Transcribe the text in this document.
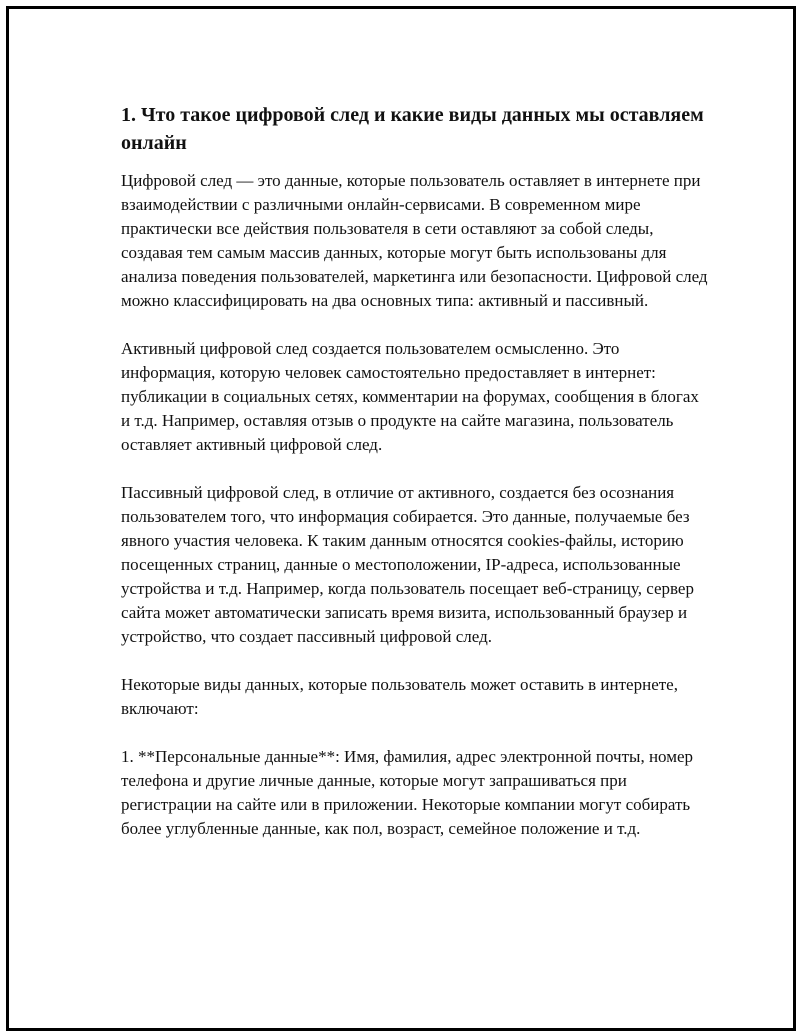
1. Что такое цифровой след и какие виды данных мы оставляем онлайн

Цифровой след — это данные, которые пользователь оставляет в интернете при взаимодействии с различными онлайн-сервисами. В современном мире практически все действия пользователя в сети оставляют за собой следы, создавая тем самым массив данных, которые могут быть использованы для анализа поведения пользователей, маркетинга или безопасности. Цифровой след можно классифицировать на два основных типа: активный и пассивный.

Активный цифровой след создается пользователем осмысленно. Это информация, которую человек самостоятельно предоставляет в интернет: публикации в социальных сетях, комментарии на форумах, сообщения в блогах и т.д. Например, оставляя отзыв о продукте на сайте магазина, пользователь оставляет активный цифровой след.

Пассивный цифровой след, в отличие от активного, создается без осознания пользователем того, что информация собирается. Это данные, получаемые без явного участия человека. К таким данным относятся cookies-файлы, историю посещенных страниц, данные о местоположении, IP-адреса, использованные устройства и т.д. Например, когда пользователь посещает веб-страницу, сервер сайта может автоматически записать время визита, использованный браузер и устройство, что создает пассивный цифровой след.

Некоторые виды данных, которые пользователь может оставить в интернете, включают:

1. **Персональные данные**: Имя, фамилия, адрес электронной почты, номер телефона и другие личные данные, которые могут запрашиваться при регистрации на сайте или в приложении. Некоторые компании могут собирать более углубленные данные, как пол, возраст, семейное положение и т.д.
